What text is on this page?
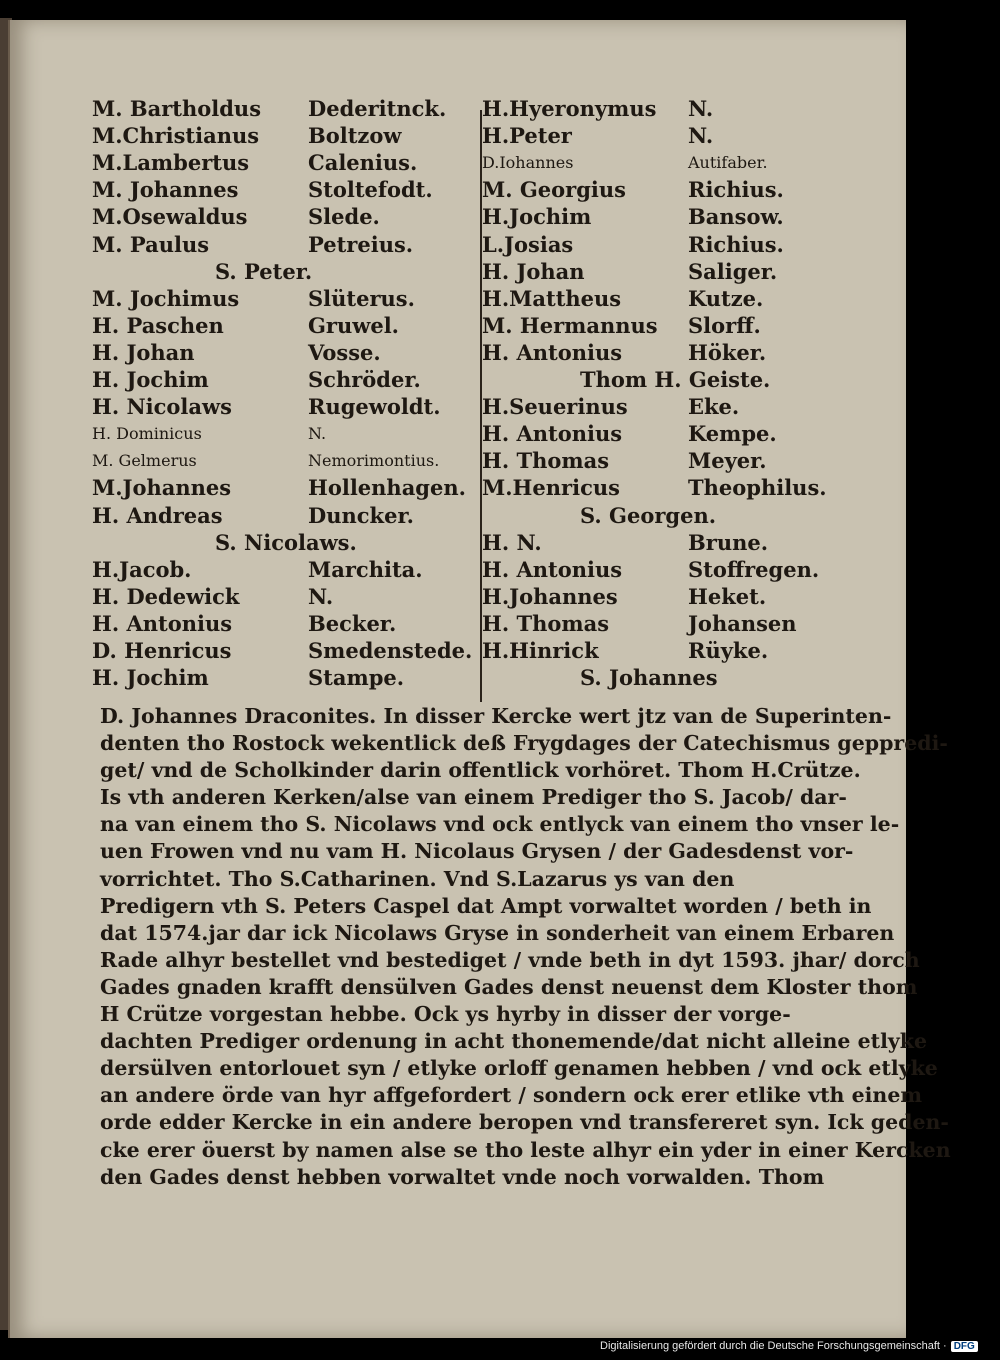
M. Bartholdus Dederitnck.
M.Christianus Boltzow
M.Lambertus	Calenius.
M. Johannes	Stoltefodt.
M.Osewaldus	Slede.
M. Paulus	Petreius.
S. Peter.
M. Jochimus	Slüterus.
H. Paschen	Gruwel.
H. Johan	Vosse.
H. Jochim	Schröder.
H. Nicolaws	Rugewoldt.
H. Dominicus	N.
M. Gelmerus	Nemorimontius.
M.Johannes	Hollenhagen.
H. Andreas	Duncker.
S. Nicolaws.
H.Jacob.	Marchita.
H. Dedewick	N.
H. Antonius	Becker.
D. Henricus	Smedenstede.
H. Jochim	Stampe.
H.Hyeronymus N.
H.Peter	N.
D.Iohannes	Autifaber.
M. Georgius	Richius.
H.Jochim	Bansow.
L.Josias	Richius.
H. Johan	Saliger.
H.Mattheus	Kutze.
M. Hermannus Slorff.
H. Antonius	Höker.
Thom H. Geiste.
H.Seuerinus	Eke.
H. Antonius	Kempe.
H. Thomas	Meyer.
M.Henricus	Theophilus.
S. Georgen.
H. N.	Brune.
H. Antonius	Stoffregen.
H.Johannes	Heket.
H. Thomas	Johansen
H.Hinrick	Rüyke.
S. Johannes
D. Johannes Draconites. In disser Kercke wert jtz van de Superinten-
denten tho Rostock wekentlick deß Frygdages der Catechismus geppredi-
get/ vnd de Scholkinder darin offentlick vorhöret. Thom H.Crütze.
Is vth anderen Kerken/alse van einem Prediger tho S. Jacob/ dar-
na van einem tho S. Nicolaws vnd ock entlyck van einem tho vnser le-
uen Frowen vnd nu vam H. Nicolaus Grysen / der Gadesdenst vor-
vorrichtet. Tho S.Catharinen. Vnd S.Lazarus ys van den
Predigern vth S. Peters Caspel dat Ampt vorwaltet worden / beth in
dat 1574.jar dar ick Nicolaws Gryse in sonderheit van einem Erbaren
Rade alhyr bestellet vnd bestediget / vnde beth in dyt 1593. jhar/ dorch
Gades gnaden krafft densülven Gades denst neuenst dem Kloster thom
H Crütze vorgestan hebbe. Ock ys hyrby in disser der vorge-
dachten Prediger ordenung in acht thonemende/dat nicht alleine etlyke
dersülven entorlouet syn / etlyke orloff genamen hebben / vnd ock etlyke
an andere örde van hyr affgefordert / sondern ock erer etlike vth einem
orde edder Kercke in ein andere beropen vnd transfereret syn. Ick geden-
cke erer öuerst by namen alse se tho leste alhyr ein yder in einer Kercken
den Gades denst hebben vorwaltet vnde noch vorwalden. Thom
Digitalisierung gefördert durch die Deutsche Forschungsgemeinschaft · DFG
